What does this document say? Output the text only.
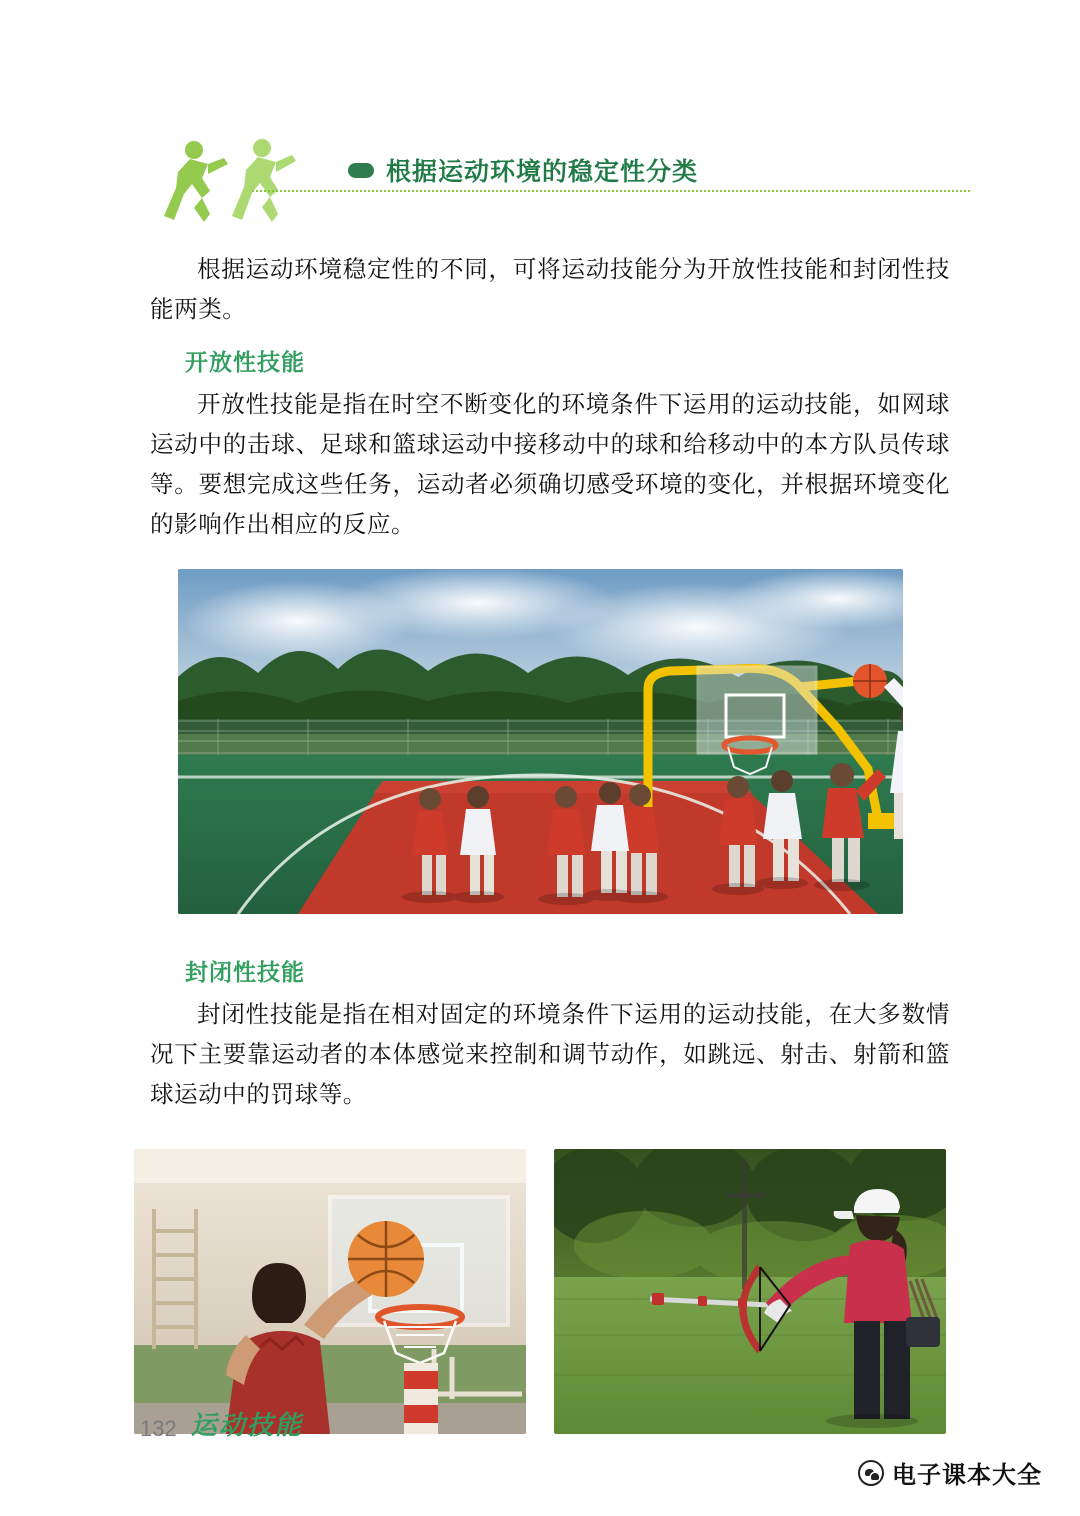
根据运动环境的稳定性分类

根据运动环境稳定性的不同，可将运动技能分为开放性技能和封闭性技能两类。

开放性技能

开放性技能是指在时空不断变化的环境条件下运用的运动技能，如网球运动中的击球、足球和篮球运动中接移动中的球和给移动中的本方队员传球等。要想完成这些任务，运动者必须确切感受环境的变化，并根据环境变化的影响作出相应的反应。

封闭性技能

封闭性技能是指在相对固定的环境条件下运用的运动技能，在大多数情况下主要靠运动者的本体感觉来控制和调节动作，如跳远、射击、射箭和篮球运动中的罚球等。

132 运动技能
电子课本大全
